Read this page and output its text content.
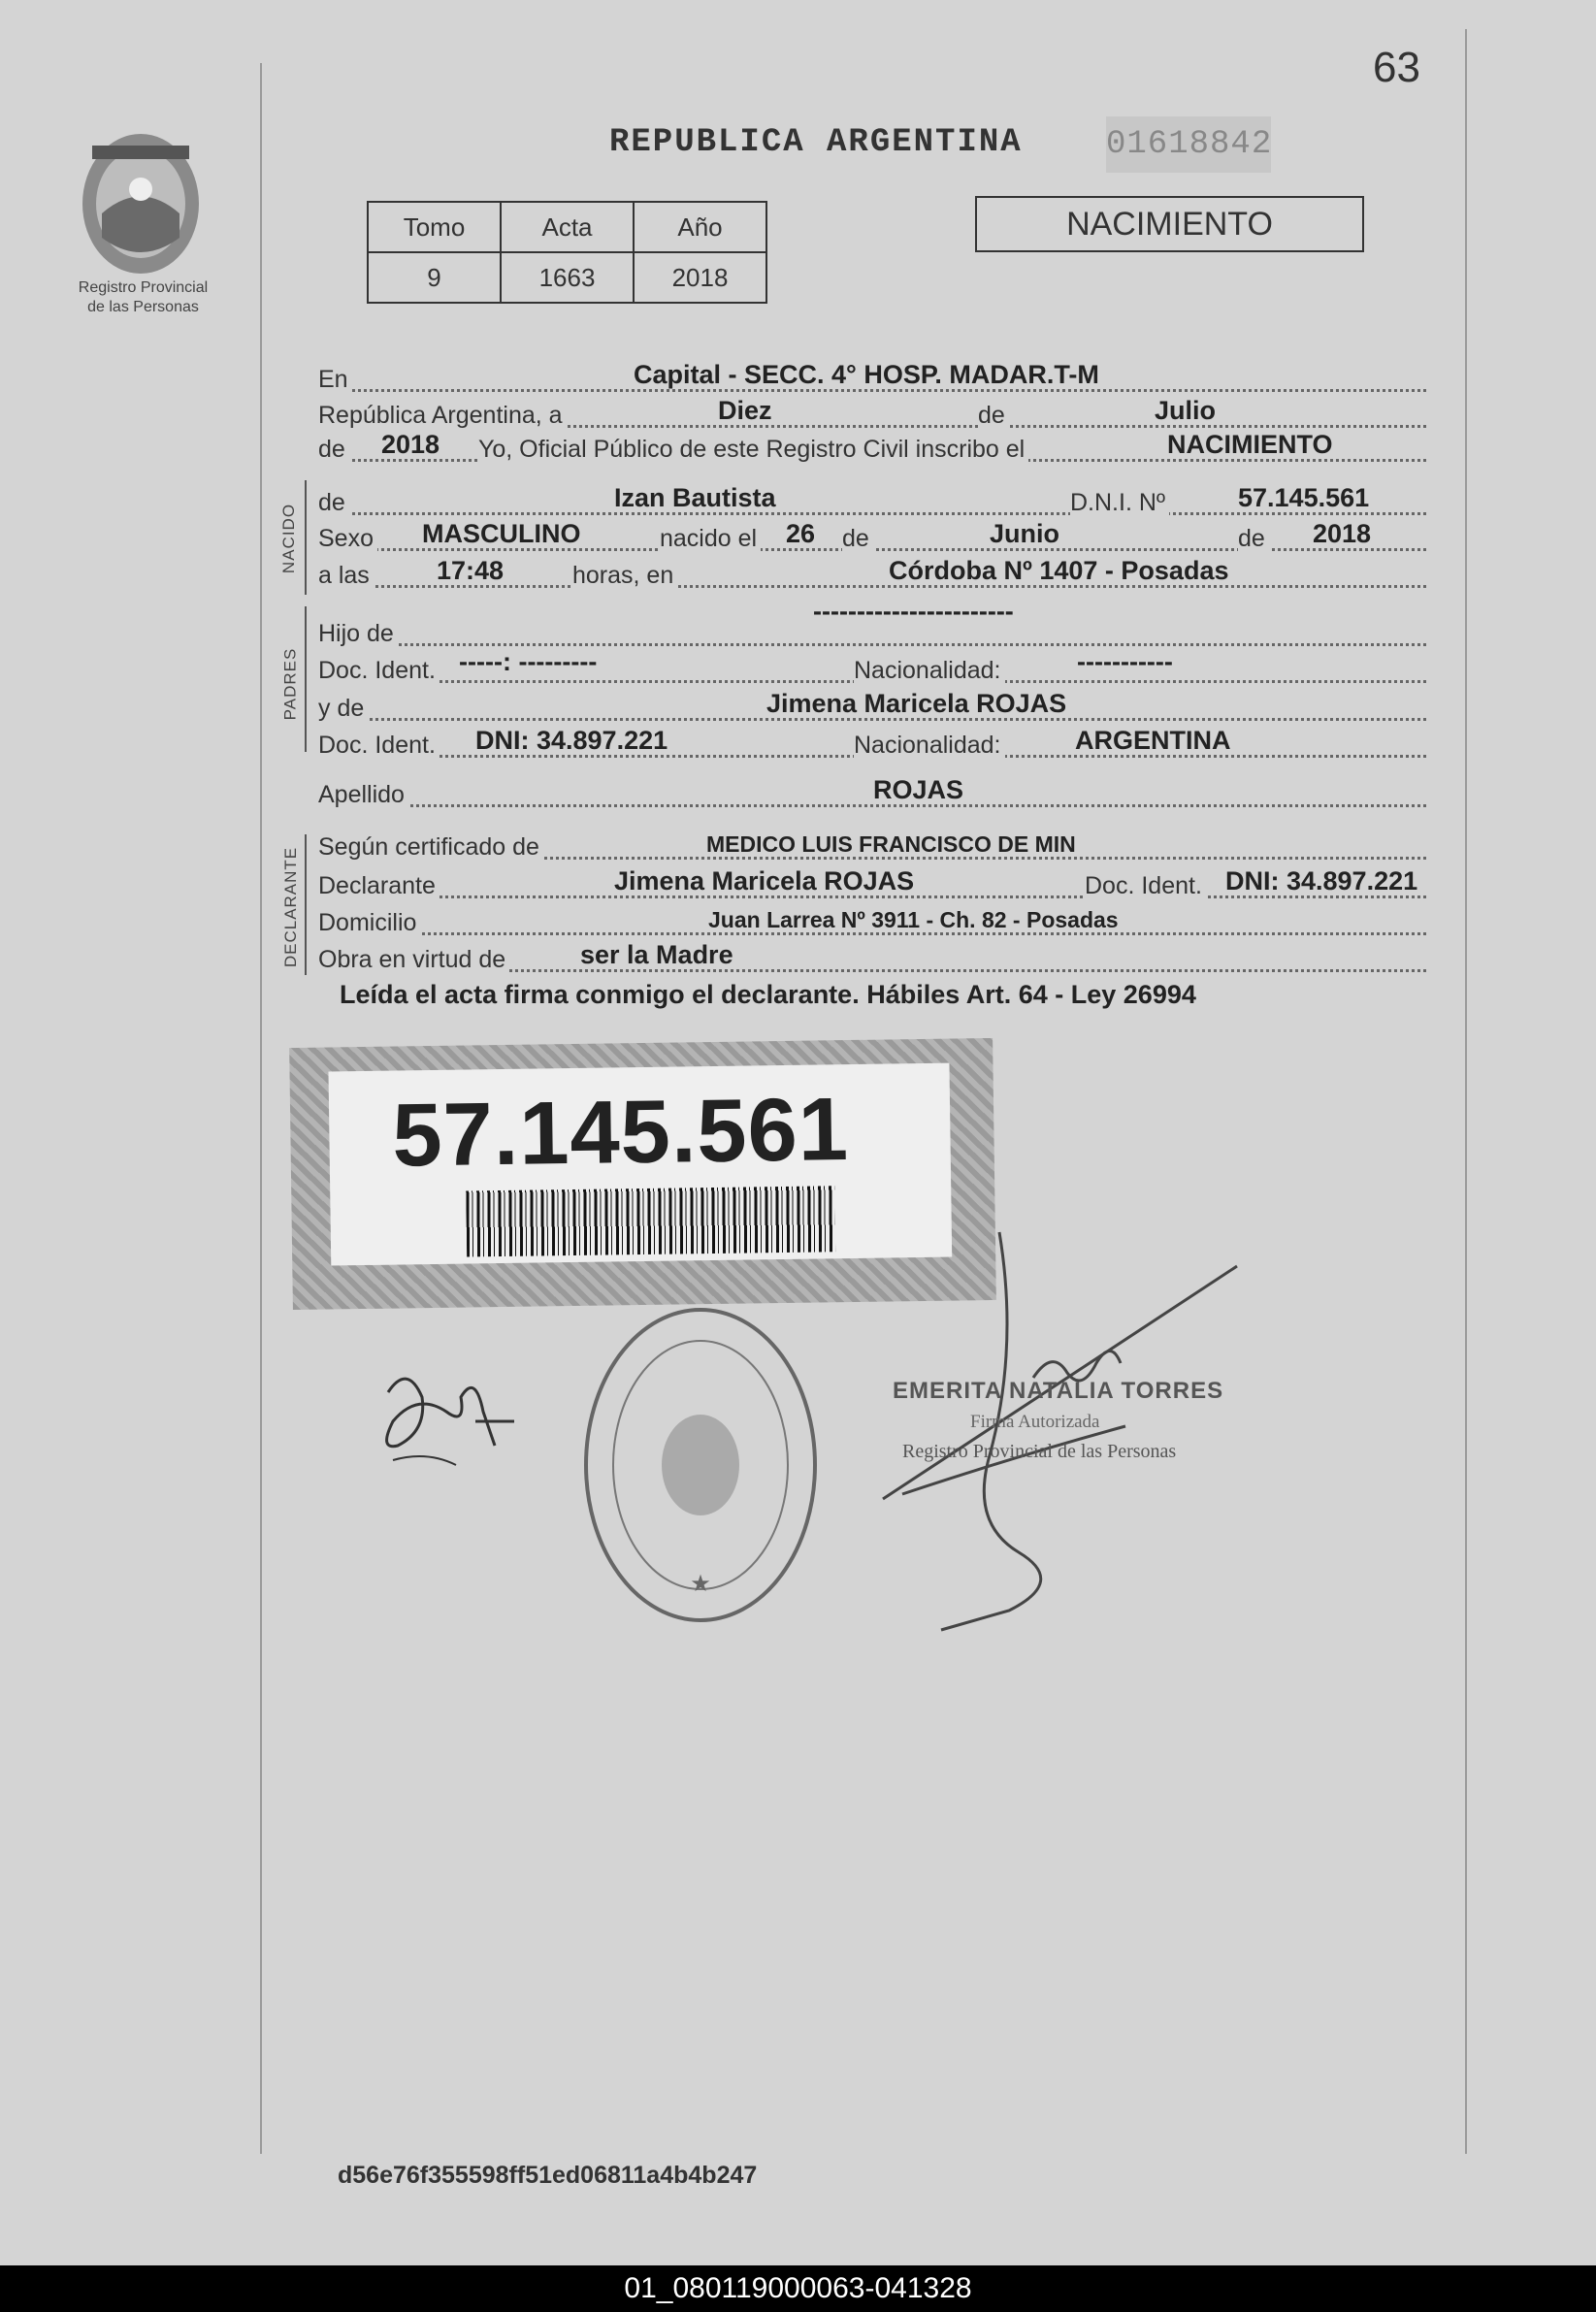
63
Registro Provincial
de las Personas
REPUBLICA ARGENTINA	01618842
Tomo	Acta	Año
9	1663	2018
NACIMIENTO
En	Capital - SECC. 4° HOSP. MADAR.T-M
República Argentina, a	Diez	de	Julio
de 2018 Yo, Oficial Público de este Registro Civil inscribo el	NACIMIENTO
NACIDO
de	Izan Bautista	D.N.I. Nº	57.145.561
Sexo MASCULINO	nacido el 26 de	Junio	de 2018
a las	17:48	horas, en	Córdoba Nº 1407 - Posadas
PADRES
Hijo de
-----------------------
Doc. Ident. -----: ---------	Nacionalidad:	-----------
y de	Jimena Maricela ROJAS
Doc. Ident. DNI: 34.897.221	Nacionalidad:	ARGENTINA
Apellido	ROJAS
DECLARANTE Según certificado de	MEDICO LUIS FRANCISCO DE MIN
Declarante	Jimena Maricela ROJAS	Doc. Ident. DNI: 34.897.221
Domicilio	Juan Larrea Nº 3911 - Ch. 82 - Posadas
Obra en virtud de	ser la Madre
Leída el acta firma conmigo el declarante. Hábiles Art. 64 - Ley 26994
57.145.561
★
EMERITA NATALIA TORRES
Firma Autorizada
Registro Provincial de las Personas
d56e76f355598ff51ed06811a4b4b247
01_080119000063-041328
